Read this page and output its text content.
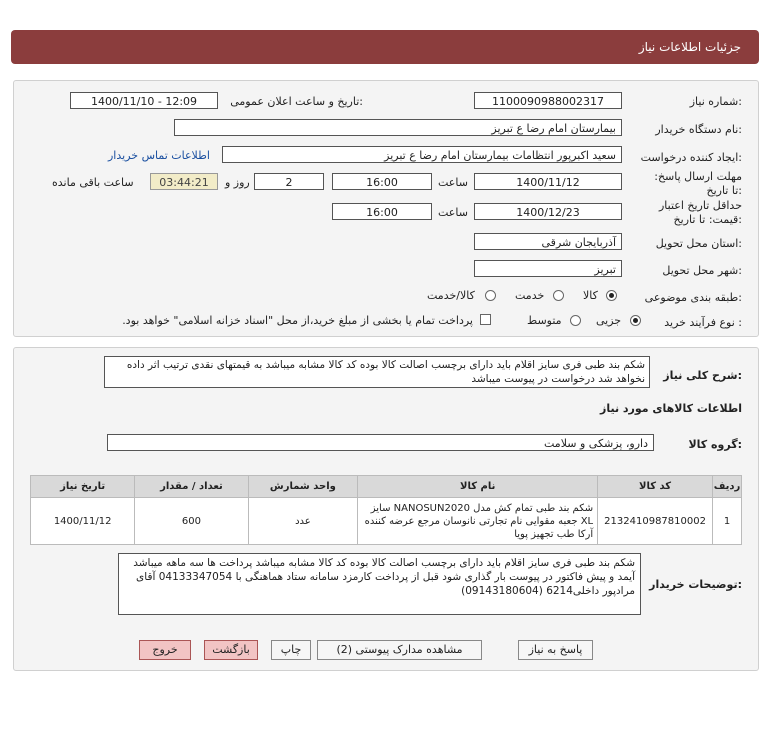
جزئیات اطلاعات نیاز
شماره نیاز:
1100090988002317
تاریخ و ساعت اعلان عمومی:
1400/11/10 - 12:09
نام دستگاه خریدار:
بیمارستان امام رضا ع تبریز
ایجاد کننده درخواست:
سعید اکبرپور انتظامات بیمارستان امام رضا ع تبریز
اطلاعات تماس خریدار
مهلت ارسال پاسخ: تا تاریخ:
1400/11/12
ساعت
16:00
2
روز و
03:44:21
ساعت باقی مانده
حداقل تاریخ اعتبار قیمت: تا تاریخ:
1400/12/23
ساعت
16:00
استان محل تحویل:
آذربایجان شرقی
شهر محل تحویل:
تبریز
طبقه بندی موضوعی:
کالا
خدمت
کالا/خدمت
نوع فرآیند خرید :
جزیی
متوسط
پرداخت تمام یا بخشی از مبلغ خرید،از محل "اسناد خزانه اسلامی" خواهد بود.
شرح کلی نیاز:
شکم بند طبی فری سایز اقلام باید دارای برچسب اصالت کالا بوده کد کالا مشابه میباشد به قیمتهای نقدی ترتیب اثر داده نخواهد شد درخواست در پیوست میباشد
اطلاعات کالاهای مورد نیاز
گروه کالا:
دارو، پزشکی و سلامت
ردیف	کد کالا	نام کالا	واحد شمارش	تعداد / مقدار	تاریخ نیاز
1	2132410987810002	شکم بند طبی تمام کش مدل NANOSUN2020 سایز XL جعبه مقوایی نام تجارتی نانوسان مرجع عرضه کننده آرکا طب تجهیز پویا	عدد	600	1400/11/12
توضیحات خریدار:
شکم بند طبی فری سایز اقلام باید دارای برچسب اصالت کالا بوده کد کالا مشابه میباشد پرداخت ها سه ماهه میباشد آیمد و پیش فاکتور در پیوست بار گذاری شود قبل از پرداخت کارمزد سامانه ستاد هماهنگی با 04133347054 آقای مرادپور داخلی6214 (09143180604)
پاسخ به نیاز
مشاهده مدارک پیوستی (2)
چاپ
بازگشت
خروج
